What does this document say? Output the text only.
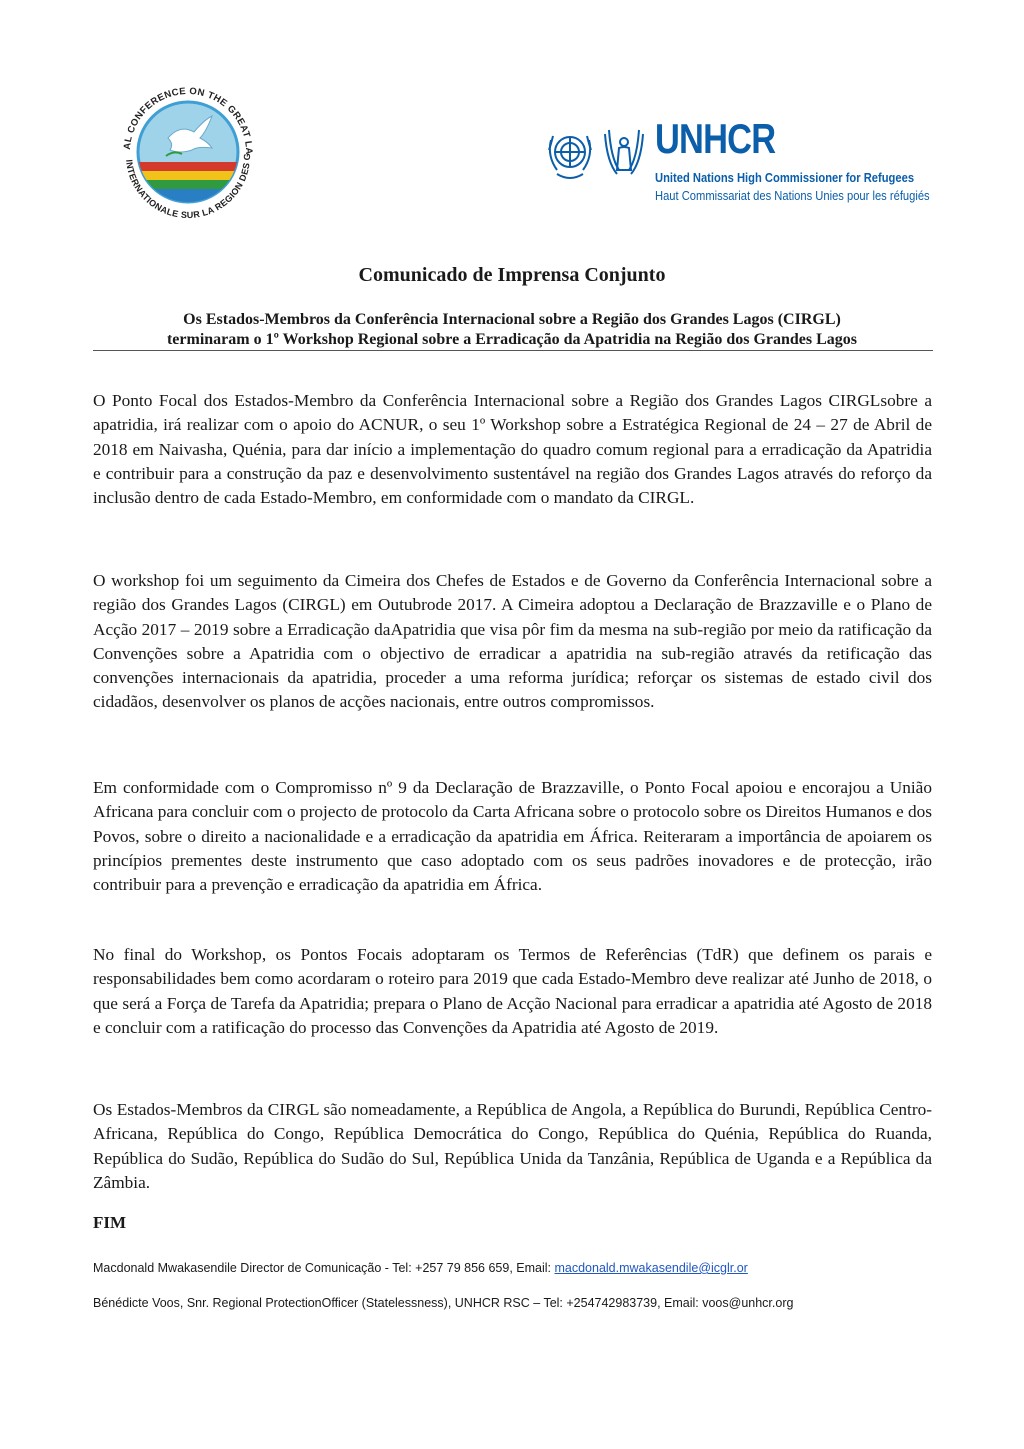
AL CONFERENCE ON THE GREAT LA
INTERNATIONALE SUR LA REGION DES G	UNHCR
United Nations High Commissioner for Refugees
Haut Commissariat des Nations Unies pour les réfugiés
Comunicado de Imprensa Conjunto
Os Estados-Membros da Conferência Internacional sobre a Região dos Grandes Lagos (CIRGL)
terminaram o 1º Workshop Regional sobre a Erradicação da Apatridia na Região dos Grandes Lagos

O Ponto Focal dos Estados-Membro da Conferência Internacional sobre a Região dos Grandes Lagos CIRGLsobre a apatridia, irá realizar com o apoio do ACNUR, o seu 1º Workshop sobre a Estratégica Regional de 24 – 27 de Abril de 2018 em Naivasha, Quénia, para dar início a implementação do quadro comum regional para a erradicação da Apatridia e contribuir para a construção da paz e desenvolvimento sustentável na região dos Grandes Lagos através do reforço da inclusão dentro de cada Estado-Membro, em conformidade com o mandato da CIRGL.

O workshop foi um seguimento da Cimeira dos Chefes de Estados e de Governo da Conferência Internacional sobre a região dos Grandes Lagos (CIRGL) em Outubrode 2017. A Cimeira adoptou a Declaração de Brazzaville e o Plano de Acção 2017 – 2019 sobre a Erradicação daApatridia que visa pôr fim da mesma na sub-região por meio da ratificação da Convenções sobre a Apatridia com o objectivo de erradicar a apatridia na sub-região através da retificação das convenções internacionais da apatridia, proceder a uma reforma jurídica; reforçar os sistemas de estado civil dos cidadãos, desenvolver os planos de acções nacionais, entre outros compromissos.

Em conformidade com o Compromisso nº 9 da Declaração de Brazzaville, o Ponto Focal apoiou e encorajou a União Africana para concluir com o projecto de protocolo da Carta Africana sobre o protocolo sobre os Direitos Humanos e dos Povos, sobre o direito a nacionalidade e a erradicação da apatridia em África. Reiteraram a importância de apoiarem os princípios prementes deste instrumento que caso adoptado com os seus padrões inovadores e de protecção, irão contribuir para a prevenção e erradicação da apatridia em África.

No final do Workshop, os Pontos Focais adoptaram os Termos de Referências (TdR) que definem os parais e responsabilidades bem como acordaram o roteiro para 2019 que cada Estado-Membro deve realizar até Junho de 2018, o que será a Força de Tarefa da Apatridia; prepara o Plano de Acção Nacional para erradicar a apatridia até Agosto de 2018 e concluir com a ratificação do processo das Convenções da Apatridia até Agosto de 2019.

Os Estados-Membros da CIRGL são nomeadamente, a República de Angola, a República do Burundi, República Centro-Africana, República do Congo, República Democrática do Congo, República do Quénia, República do Ruanda, República do Sudão, República do Sudão do Sul, República Unida da Tanzânia, República de Uganda e a República da Zâmbia.

FIM
Macdonald Mwakasendile Director de Comunicação - Tel: +257 79 856 659, Email: macdonald.mwakasendile@icglr.or
Bénédicte Voos, Snr. Regional ProtectionOfficer (Statelessness), UNHCR RSC – Tel: +254742983739, Email: voos@unhcr.org
